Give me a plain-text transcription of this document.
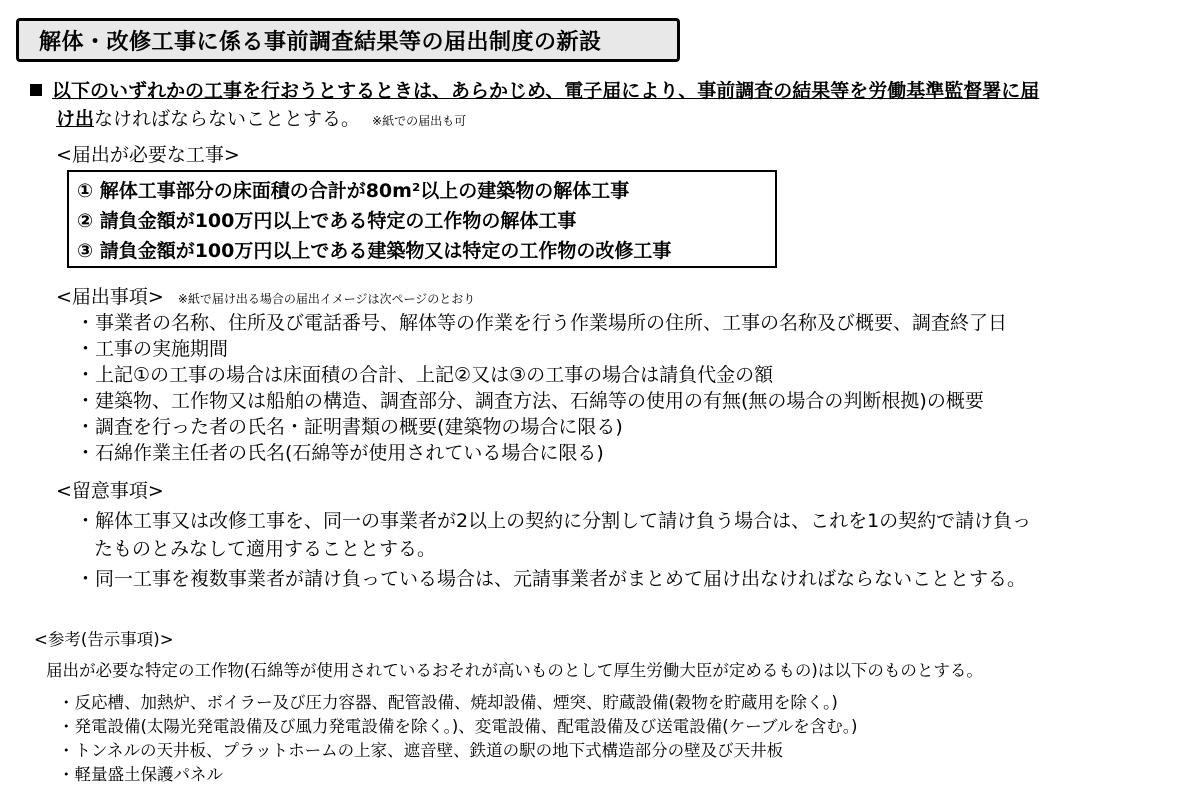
解体・改修工事に係る事前調査結果等の届出制度の新設
以下のいずれかの工事を行おうとするときは、あらかじめ、電子届により、事前調査の結果等を労働基準監督署に届
け出なければならないこととする。 ※紙での届出も可
<届出が必要な工事>
① 解体工事部分の床面積の合計が80m²以上の建築物の解体工事
② 請負金額が100万円以上である特定の工作物の解体工事
③ 請負金額が100万円以上である建築物又は特定の工作物の改修工事
<届出事項> ※紙で届け出る場合の届出イメージは次ページのとおり
・事業者の名称、住所及び電話番号、解体等の作業を行う作業場所の住所、工事の名称及び概要、調査終了日
・工事の実施期間
・上記①の工事の場合は床面積の合計、上記②又は③の工事の場合は請負代金の額
・建築物、工作物又は船舶の構造、調査部分、調査方法、石綿等の使用の有無(無の場合の判断根拠)の概要
・調査を行った者の氏名・証明書類の概要(建築物の場合に限る)
・石綿作業主任者の氏名(石綿等が使用されている場合に限る)
<留意事項>
・解体工事又は改修工事を、同一の事業者が2以上の契約に分割して請け負う場合は、これを1の契約で請け負っ
たものとみなして適用することとする。
・同一工事を複数事業者が請け負っている場合は、元請事業者がまとめて届け出なければならないこととする。
<参考(告示事項)>
届出が必要な特定の工作物(石綿等が使用されているおそれが高いものとして厚生労働大臣が定めるもの)は以下のものとする。
・反応槽、加熱炉、ボイラー及び圧力容器、配管設備、焼却設備、煙突、貯蔵設備(穀物を貯蔵用を除く。)
・発電設備(太陽光発電設備及び風力発電設備を除く。)、変電設備、配電設備及び送電設備(ケーブルを含む。)
・トンネルの天井板、プラットホームの上家、遮音壁、鉄道の駅の地下式構造部分の壁及び天井板
・軽量盛土保護パネル
